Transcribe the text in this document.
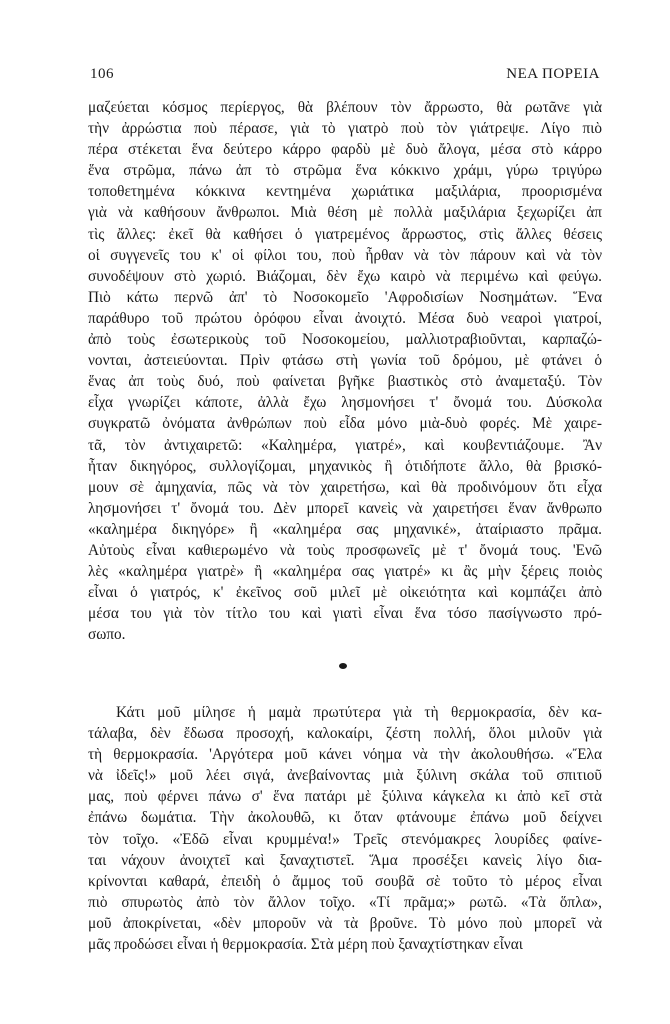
106	ΝΕΑ ΠΟΡΕΙΑ
μαζεύεται κόσμος περίεργος, θὰ βλέπουν τὸν ἄρρωστο, θὰ ρωτᾶνε γιὰ
τὴν ἀρρώστια ποὺ πέρασε, γιὰ τὸ γιατρὸ ποὺ τὸν γιάτρεψε. Λίγο πιὸ
πέρα στέκεται ἕνα δεύτερο κάρρο φαρδὺ μὲ δυὸ ἄλογα, μέσα στὸ κάρρο
ἕνα στρῶμα, πάνω ἀπ τὸ στρῶμα ἕνα κόκκινο χράμι, γύρω τριγύρω
τοποθετημένα κόκκινα κεντημένα χωριάτικα μαξιλάρια, προορισμένα
γιὰ νὰ καθήσουν ἄνθρωποι. Μιὰ θέση μὲ πολλὰ μαξιλάρια ξεχωρίζει ἀπ
τὶς ἄλλες: ἐκεῖ θὰ καθήσει ὁ γιατρεμένος ἄρρωστος, στὶς ἄλλες θέσεις
οἱ συγγενεῖς του κ' οἱ φίλοι του, ποὺ ἦρθαν νὰ τὸν πάρουν καὶ νὰ τὸν
συνοδέψουν στὸ χωριό. Βιάζομαι, δὲν ἔχω καιρὸ νὰ περιμένω καὶ φεύγω.
Πιὸ κάτω περνῶ ἀπ' τὸ Νοσοκομεῖο 'Αφροδισίων Νοσημάτων. Ἕνα
παράθυρο τοῦ πρώτου ὀρόφου εἶναι ἀνοιχτό. Μέσα δυὸ νεαροὶ γιατροί,
ἀπὸ τοὺς ἐσωτερικοὺς τοῦ Νοσοκομείου, μαλλιοτραβιοῦνται, καρπαζώ-
νονται, ἀστειεύονται. Πρὶν φτάσω στὴ γωνία τοῦ δρόμου, μὲ φτάνει ὁ
ἕνας ἀπ τοὺς δυό, ποὺ φαίνεται βγῆκε βιαστικὸς στὸ ἀναμεταξύ. Τὸν
εἶχα γνωρίζει κάποτε, ἀλλὰ ἔχω λησμονήσει τ' ὄνομά του. Δύσκολα
συγκρατῶ ὀνόματα ἀνθρώπων ποὺ εἶδα μόνο μιὰ-δυὸ φορές. Μὲ χαιρε-
τᾶ, τὸν ἀντιχαιρετῶ: «Καλημέρα, γιατρέ», καὶ κουβεντιάζουμε. Ἂν
ἦταν δικηγόρος, συλλογίζομαι, μηχανικὸς ἢ ὁτιδήποτε ἄλλο, θὰ βρισκό-
μουν σὲ ἀμηχανία, πῶς νὰ τὸν χαιρετήσω, καὶ θὰ προδινόμουν ὅτι εἶχα
λησμονήσει τ' ὄνομά του. Δὲν μπορεῖ κανεὶς νὰ χαιρετήσει ἕναν ἄνθρωπο
«καλημέρα δικηγόρε» ἢ «καλημέρα σας μηχανικέ», ἀταίριαστο πρᾶμα.
Αὐτοὺς εἶναι καθιερωμένο νὰ τοὺς προσφωνεῖς μὲ τ' ὄνομά τους. 'Ενῶ
λὲς «καλημέρα γιατρὲ» ἢ «καλημέρα σας γιατρέ» κι ἂς μὴν ξέρεις ποιὸς
εἶναι ὁ γιατρός, κ' ἐκεῖνος σοῦ μιλεῖ μὲ οἰκειότητα καὶ κομπάζει ἀπὸ
μέσα του γιὰ τὸν τίτλο του καὶ γιατὶ εἶναι ἕνα τόσο πασίγνωστο πρό-
σωπο.
Κάτι μοῦ μίλησε ἡ μαμὰ πρωτύτερα γιὰ τὴ θερμοκρασία, δὲν κα-
τάλαβα, δὲν ἔδωσα προσοχή, καλοκαίρι, ζέστη πολλή, ὅλοι μιλοῦν γιὰ
τὴ θερμοκρασία. 'Αργότερα μοῦ κάνει νόημα νὰ τὴν ἀκολουθήσω. «Ἔλα
νὰ ἰδεῖς!» μοῦ λέει σιγά, ἀνεβαίνοντας μιὰ ξύλινη σκάλα τοῦ σπιτιοῦ
μας, ποὺ φέρνει πάνω σ' ἕνα πατάρι μὲ ξύλινα κάγκελα κι ἀπὸ κεῖ στὰ
ἐπάνω δωμάτια. Τὴν ἀκολουθῶ, κι ὅταν φτάνουμε ἐπάνω μοῦ δείχνει
τὸν τοῖχο. «Ἐδῶ εἶναι κρυμμένα!» Τρεῖς στενόμακρες λουρίδες φαίνε-
ται νάχουν ἀνοιχτεῖ καὶ ξαναχτιστεῖ. Ἅμα προσέξει κανεὶς λίγο δια-
κρίνονται καθαρά, ἐπειδὴ ὁ ἄμμος τοῦ σουβᾶ σὲ τοῦτο τὸ μέρος εἶναι
πιὸ σπυρωτὸς ἀπὸ τὸν ἄλλον τοῖχο. «Τί πρᾶμα;» ρωτῶ. «Τὰ ὅπλα»,
μοῦ ἀποκρίνεται, «δὲν μποροῦν νὰ τὰ βροῦνε. Τὸ μόνο ποὺ μπορεῖ νὰ
μᾶς προδώσει εἶναι ἡ θερμοκρασία. Στὰ μέρη ποὺ ξαναχτίστηκαν εἶναι
